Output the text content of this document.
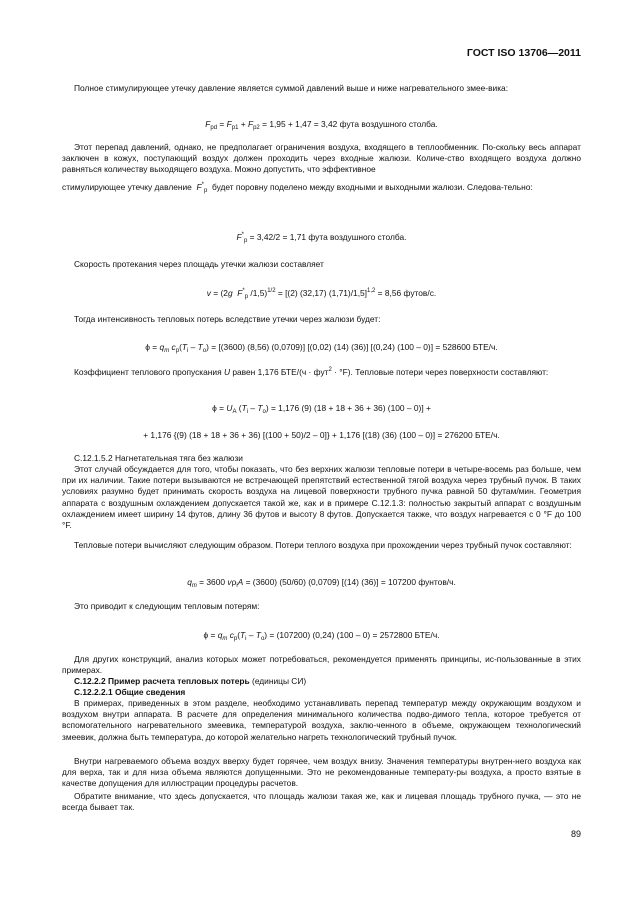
ГОСТ ISO 13706—2011
Полное стимулирующее утечку давление является суммой давлений выше и ниже нагревательного змее-вика:
$F_{pd} = F_{p1} + F_{p2} = 1,95 + 1,47 = 3,42$ фута воздушного столба.
Этот перепад давлений, однако, не предполагает ограничения воздуха, входящего в теплообменник. По-скольку весь аппарат заключен в кожух, поступающий воздух должен проходить через входные жалюзи. Количе-ство входящего воздуха должно равняться количеству выходящего воздуха. Можно допустить, что эффективное
стимулирующее утечку давление  $F^*_p$  будет поровну поделено между входными и выходными жалюзи. Следова-тельно:
$F^*_p = 3,42/2 = 1,71$ фута воздушного столба.
Скорость протекания через площадь утечки жалюзи составляет
v = (2g $F^*_p$ /1,5)$^{1/2}$ = [(2) (32,17) (1,71)/1,5]$^{1,2}$ = 8,56 футов/с.
Тогда интенсивность тепловых потерь вследствие утечки через жалюзи будет:
$\phi = q_m$ $c_p(T_i - T_o) = [(3600)$ (8,56) (0,0709)] [(0,02) (14) (36)] [(0,24) (100 – 0)] = 528600 БТЕ/ч.
Коэффициент теплового пропускания U равен 1,176 БТЕ/(ч · фут$^2$ · °F). Тепловые потери через поверхности составляют:
$\phi = U_A$ $(T_i - T_o) = 1,176$ (9) (18 + 18 + 36 + 36) (100 – 0)] +
+ 1,176 {(9) (18 + 18 + 36 + 36) [(100 + 50)/2 – 0]} + 1,176 [(18) (36) (100 – 0)] = 276200 БТЕ/ч.
С.12.1.5.2 Нагнетательная тяга без жалюзи
Этот случай обсуждается для того, чтобы показать, что без верхних жалюзи тепловые потери в четыре-восемь раз больше, чем при их наличии. Такие потери вызываются не встречающей препятствий естественной тягой воздуха через трубный пучок. В таких условиях разумно будет принимать скорость воздуха на лицевой поверхности трубного пучка равной 50 футам/мин. Геометрия аппарата с воздушным охлаждением допускается такой же, как и в примере С.12.1.3: полностью закрытый аппарат с воздушным охлаждением имеет ширину 14 футов, длину 36 футов и высоту 8 футов. Допускается также, что воздух нагревается с 0 °F до 100 °F.
Тепловые потери вычисляют следующим образом. Потери теплого воздуха при прохождении через трубный пучок составляют:
$q_m = 3600$ $v\rho_iA = (3600)$ (50/60) (0,0709) [(14) (36)] = 107200 фунтов/ч.
Это приводит к следующим тепловым потерям:
$\phi = q_m$ $c_p(T_i - T_o) = (107200)$ (0,24) (100 – 0) = 2572800 БТЕ/ч.
Для других конструкций, анализ которых может потребоваться, рекомендуется применять принципы, ис-пользованные в этих примерах.
С.12.2.2 Пример расчета тепловых потерь (единицы СИ)
С.12.2.2.1 Общие сведения
В примерах, приведенных в этом разделе, необходимо устанавливать перепад температур между окружающим воздухом и воздухом внутри аппарата. В расчете для определения минимального количества подво-димого тепла, которое требуется от вспомогательного нагревательного змеевика, температурой воздуха, заклю-ченного в объеме, окружающем технологический змеевик, должна быть температура, до которой желательно нагреть технологический трубный пучок.
Внутри нагреваемого объема воздух вверху будет горячее, чем воздух внизу. Значения температуры внутрен-него воздуха как для верха, так и для низа объема являются допущенными. Это не рекомендованные температу-ры воздуха, а просто взятые в качестве допущения для иллюстрации процедуры расчетов.
Обратите внимание, что здесь допускается, что площадь жалюзи такая же, как и лицевая площадь трубного пучка, — это не всегда бывает так.
89
